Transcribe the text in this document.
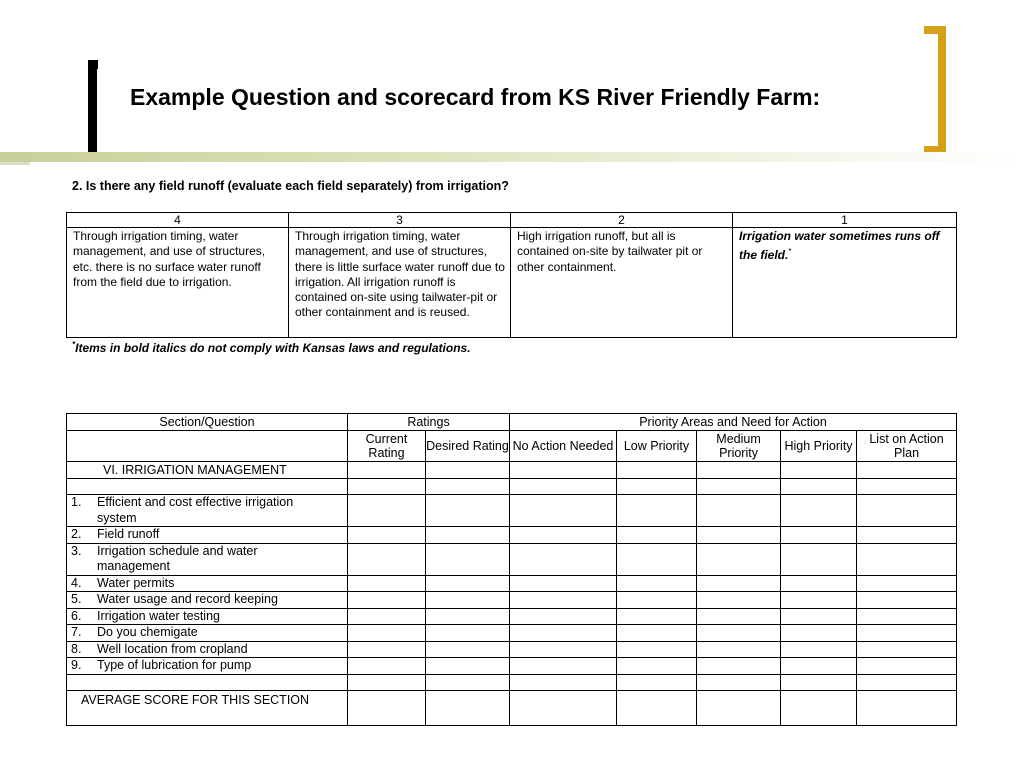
Example Question and scorecard from KS River Friendly Farm:
2. Is there any field runoff (evaluate each field separately) from irrigation?
4	3	2	1
Through irrigation timing, water management, and use of structures, etc. there is no surface water runoff from the field due to irrigation.	Through irrigation timing, water management, and use of structures, there is little surface water runoff due to irrigation. All irrigation runoff is contained on-site using tailwater-pit or other containment and is reused.	High irrigation runoff, but all is contained on-site by tailwater pit or other containment.	Irrigation water sometimes runs off the field.*
*Items in bold italics do not comply with Kansas laws and regulations.
Section/Question	Ratings		Priority Areas and Need for Action				
	Current Rating	Desired Rating	No Action Needed	Low Priority	Medium Priority	High Priority	List on Action Plan
VI. IRRIGATION MANAGEMENT							

1. Efficient and cost effective irrigation
system							

2. Field runoff							
3. Irrigation schedule and water
management							

4. Water permits							
5. Water usage and record keeping							
6. Irrigation water testing							
7. Do you chemigate							
8. Well location from cropland							
9. Type of lubrication for pump							

AVERAGE SCORE FOR THIS SECTION							
